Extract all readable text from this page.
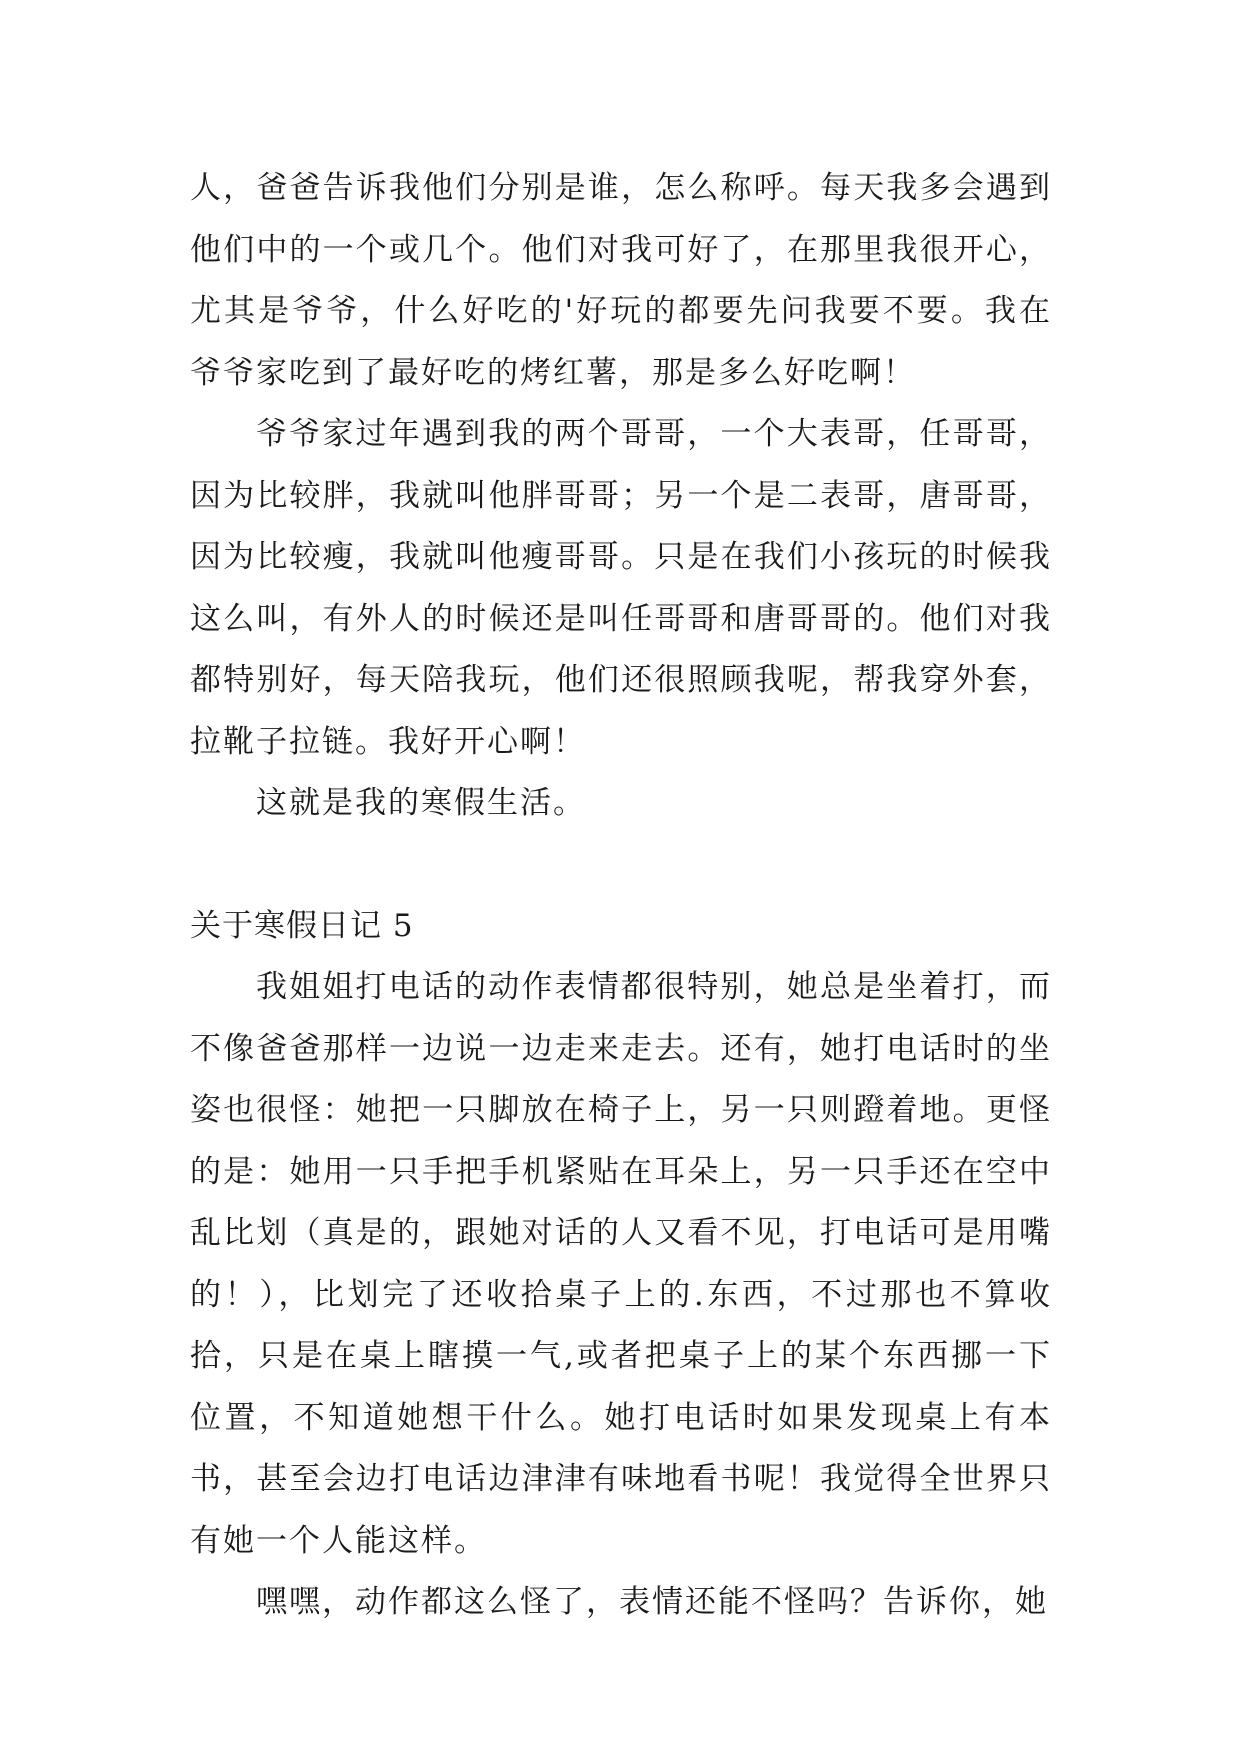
人，爸爸告诉我他们分别是谁，怎么称呼。每天我多会遇到他们中的一个或几个。他们对我可好了，在那里我很开心，尤其是爷爷，什么好吃的'好玩的都要先问我要不要。我在爷爷家吃到了最好吃的烤红薯，那是多么好吃啊！

爷爷家过年遇到我的两个哥哥，一个大表哥，任哥哥，因为比较胖，我就叫他胖哥哥；另一个是二表哥，唐哥哥，因为比较瘦，我就叫他瘦哥哥。只是在我们小孩玩的时候我这么叫，有外人的时候还是叫任哥哥和唐哥哥的。他们对我都特别好，每天陪我玩，他们还很照顾我呢，帮我穿外套，拉靴子拉链。我好开心啊！

这就是我的寒假生活。

关于寒假日记 5

我姐姐打电话的动作表情都很特别，她总是坐着打，而不像爸爸那样一边说一边走来走去。还有，她打电话时的坐姿也很怪：她把一只脚放在椅子上，另一只则蹬着地。更怪的是：她用一只手把手机紧贴在耳朵上，另一只手还在空中乱比划（真是的，跟她对话的人又看不见，打电话可是用嘴的！），比划完了还收拾桌子上的.东西，不过那也不算收拾，只是在桌上瞎摸一气,或者把桌子上的某个东西挪一下位置，不知道她想干什么。她打电话时如果发现桌上有本书，甚至会边打电话边津津有味地看书呢！我觉得全世界只有她一个人能这样。

嘿嘿，动作都这么怪了，表情还能不怪吗？告诉你，她
